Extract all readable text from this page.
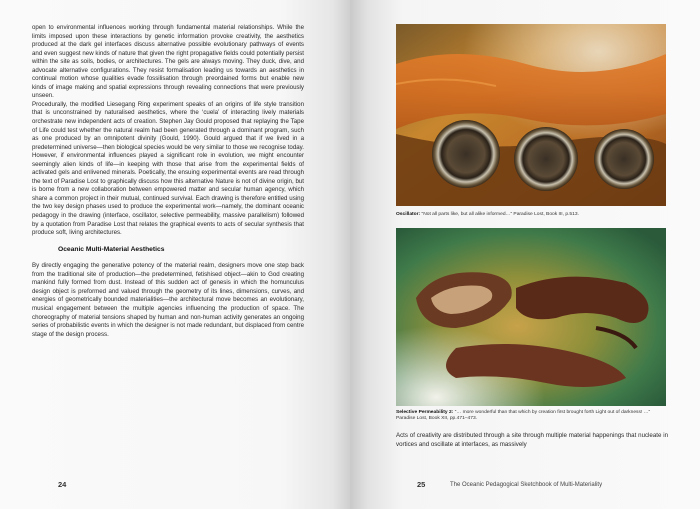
open to environmental influences working through fundamental material relationships. While the limits imposed upon these interactions by genetic information provoke creativity, the aesthetics produced at the dark gel interfaces discuss alternative possible evolutionary pathways of events and even suggest new kinds of nature that given the right propagative fields could potentially persist within the site as soils, bodies, or architectures. The gels are always moving. They duck, dive, and advocate alternative configurations. They resist formalisation leading us towards an aesthetics in continual motion whose qualities evade fossilisation through preordained forms but enable new kinds of image making and spatial expressions through revealing connections that were previously unseen.

Procedurally, the modified Liesegang Ring experiment speaks of an origins of life style transition that is unconstrained by naturalised aesthetics, where the ‘cuela’ of interacting lively materials orchestrate new independent acts of creation. Stephen Jay Gould proposed that replaying the Tape of Life could test whether the natural realm had been generated through a dominant program, such as one produced by an omnipotent divinity (Gould, 1990). Gould argued that if we lived in a predetermined universe—then biological species would be very similar to those we recognise today. However, if environmental influences played a significant role in evolution, we might encounter seemingly alien kinds of life—in keeping with those that arise from the experimental fields of activated gels and enlivened minerals. Poetically, the ensuing experimental events are read through the text of Paradise Lost to graphically discuss how this alternative Nature is not of divine origin, but is borne from a new collaboration between empowered matter and secular human agency, which share a common project in their mutual, continued survival. Each drawing is therefore entitled using the two key design phases used to produce the experimental work—namely, the dominant oceanic pedagogy in the drawing (interface, oscillator, selective permeability, massive parallelism) followed by a quotation from Paradise Lost that relates the graphical events to acts of secular synthesis that produce soft, living architectures.

Oceanic Multi-Material Aesthetics

By directly engaging the generative potency of the material realm, designers move one step back from the traditional site of production—the predetermined, fetishised object—akin to God creating mankind fully formed from dust. Instead of this sudden act of genesis in which the homunculus design object is preformed and valued through the geometry of its lines, dimensions, curves, and energies of geometrically bounded materialities—the architectural move becomes an evolutionary, musical engagement between the multiple agencies influencing the production of space. The choreography of material tensions shaped by human and non-human activity generates an ongoing series of probabilistic events in which the designer is not made redundant, but displaced from centre stage of the design process.

24
Oscillator: “Not all parts like, but all alike informed…” Paradise Lost, Book III, p.513.
Selective Permeability 2: “… more wonderful than that which by creation first brought forth Light out of darkness! …” Paradise Lost, Book XII, pp.471–473.

Acts of creativity are distributed through a site through multiple material happenings that nucleate in vortices and oscillate at interfaces, as massively

25	The Oceanic Pedagogical Sketchbook of Multi-Materiality
